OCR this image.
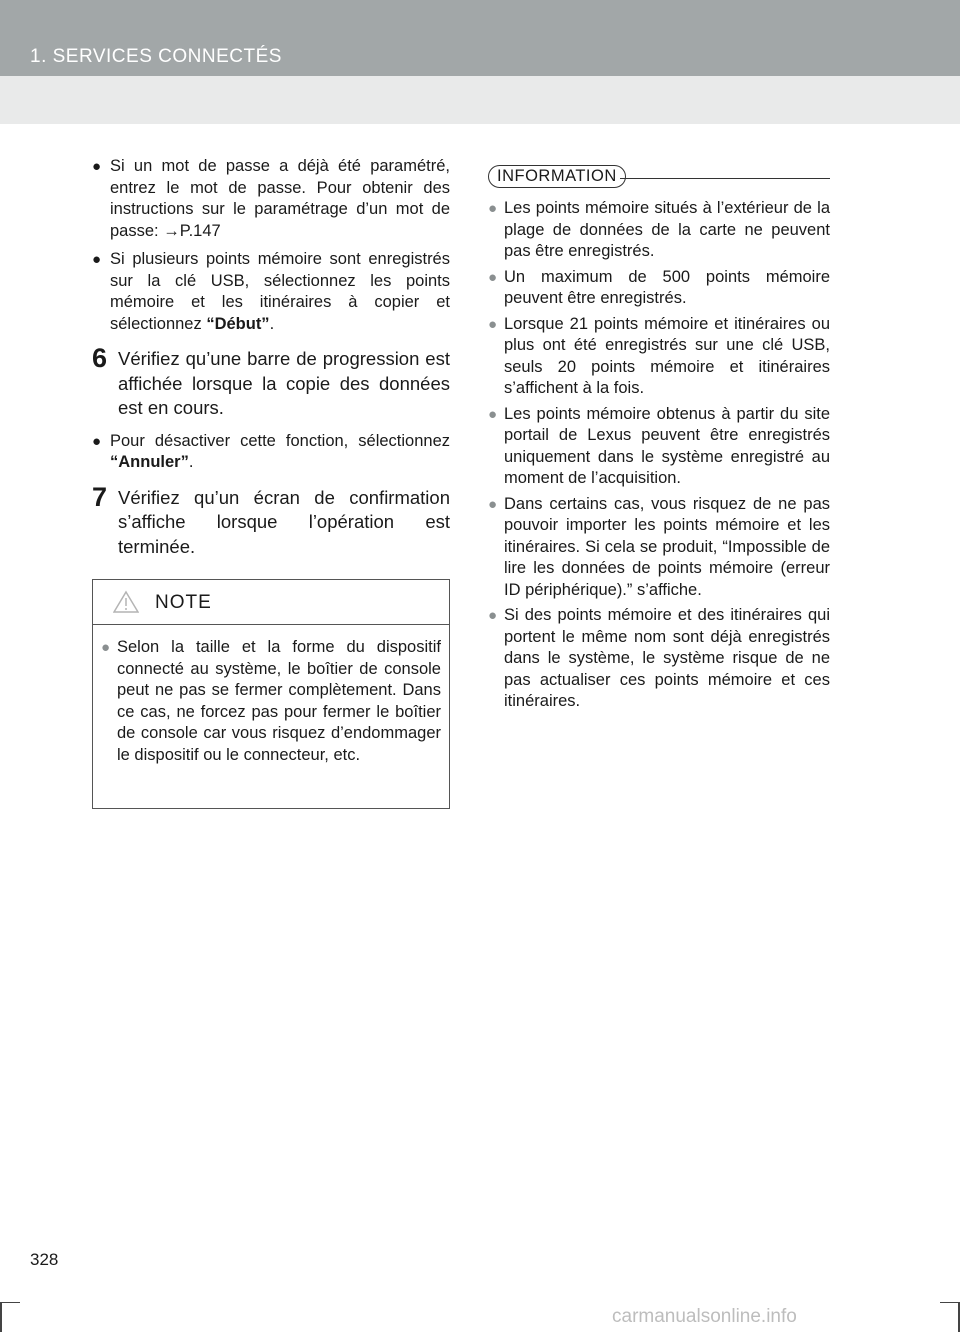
1. SERVICES CONNECTÉS
● Si un mot de passe a déjà été paramétré, entrez le mot de passe. Pour obtenir des instructions sur le paramétrage d’un mot de passe: →P.147
● Si plusieurs points mémoire sont enregistrés sur la clé USB, sélectionnez les points mémoire et les itinéraires à copier et sélectionnez “Début”.
6 Vérifiez qu’une barre de progression est affichée lorsque la copie des données est en cours.
● Pour désactiver cette fonction, sélectionnez “Annuler”.
7 Vérifiez qu’un écran de confirmation s’affiche lorsque l’opération est terminée.
NOTE
● Selon la taille et la forme du dispositif connecté au système, le boîtier de console peut ne pas se fermer complètement. Dans ce cas, ne forcez pas pour fermer le boîtier de console car vous risquez d’endommager le dispositif ou le connecteur, etc.
INFORMATION
● Les points mémoire situés à l’extérieur de la plage de données de la carte ne peuvent pas être enregistrés.
● Un maximum de 500 points mémoire peuvent être enregistrés.
● Lorsque 21 points mémoire et itinéraires ou plus ont été enregistrés sur une clé USB, seuls 20 points mémoire et itinéraires s’affichent à la fois.
● Les points mémoire obtenus à partir du site portail de Lexus peuvent être enregistrés uniquement dans le système enregistré au moment de l’acquisition.
● Dans certains cas, vous risquez de ne pas pouvoir importer les points mémoire et les itinéraires. Si cela se produit, “Impossible de lire les données de points mémoire (erreur ID périphérique).” s’affiche.
● Si des points mémoire et des itinéraires qui portent le même nom sont déjà enregistrés dans le système, le système risque de ne pas actualiser ces points mémoire et ces itinéraires.
328
carmanualsonline.info
